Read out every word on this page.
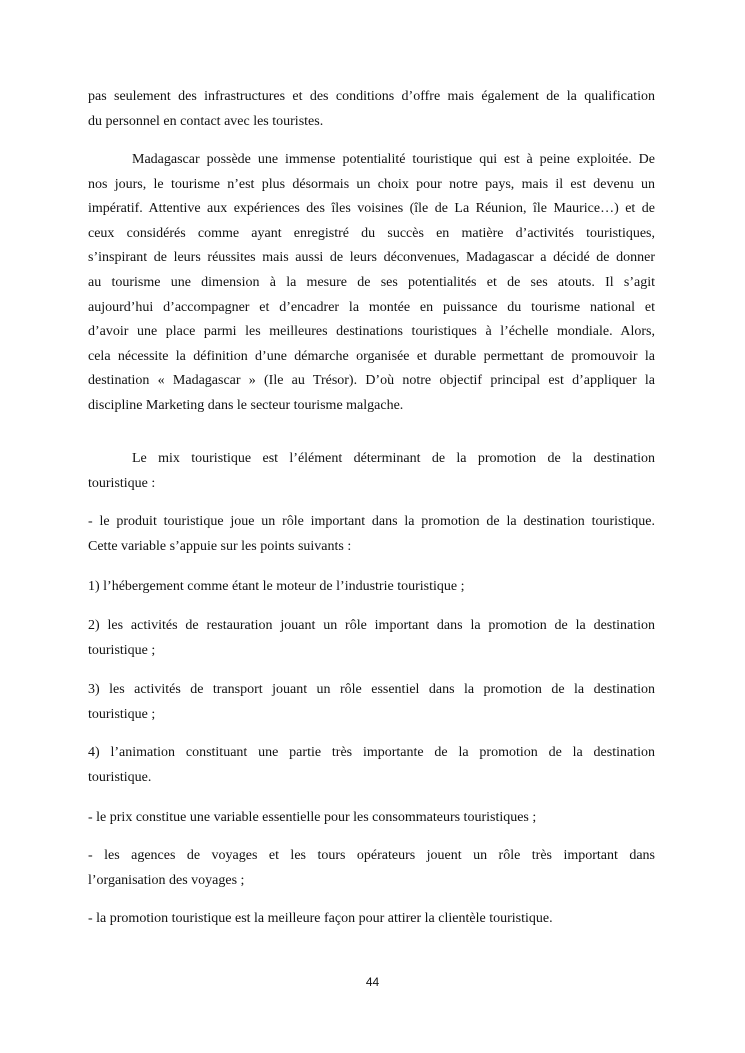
pas seulement des infrastructures et des conditions d’offre mais également de la qualification
du personnel en contact avec les touristes.
Madagascar possède une immense potentialité touristique qui est à peine exploitée. De
nos jours, le tourisme n’est plus désormais un choix pour notre pays, mais il est devenu un
impératif. Attentive aux expériences des îles voisines (île de La Réunion, île Maurice…) et de
ceux considérés comme ayant enregistré du succès en matière d’activités touristiques,
s’inspirant de leurs réussites mais aussi de leurs déconvenues, Madagascar a décidé de donner
au tourisme une dimension à la mesure de ses potentialités et de ses atouts. Il s’agit
aujourd’hui d’accompagner et d’encadrer la montée en puissance du tourisme national et
d’avoir une place parmi les meilleures destinations touristiques à l’échelle mondiale. Alors,
cela nécessite la définition d’une démarche organisée et durable permettant de promouvoir la
destination « Madagascar » (Ile au Trésor). D’où notre objectif principal est d’appliquer la
discipline Marketing dans le secteur tourisme malgache.
Le mix touristique est l’élément déterminant de la promotion de la destination
touristique :
- le produit touristique joue un rôle important dans la promotion de la destination touristique.
Cette variable s’appuie sur les points suivants :
1) l’hébergement comme étant le moteur de l’industrie touristique ;
2) les activités de restauration jouant un rôle important dans la promotion de la destination
touristique ;
3) les activités de transport jouant un rôle essentiel dans la promotion de la destination
touristique ;
4) l’animation constituant une partie très importante de la promotion de la destination
touristique.
- le prix constitue une variable essentielle pour les consommateurs touristiques ;
- les agences de voyages et les tours opérateurs jouent un rôle très important dans
l’organisation des voyages ;
- la promotion touristique est la meilleure façon pour attirer la clientèle touristique.
44
